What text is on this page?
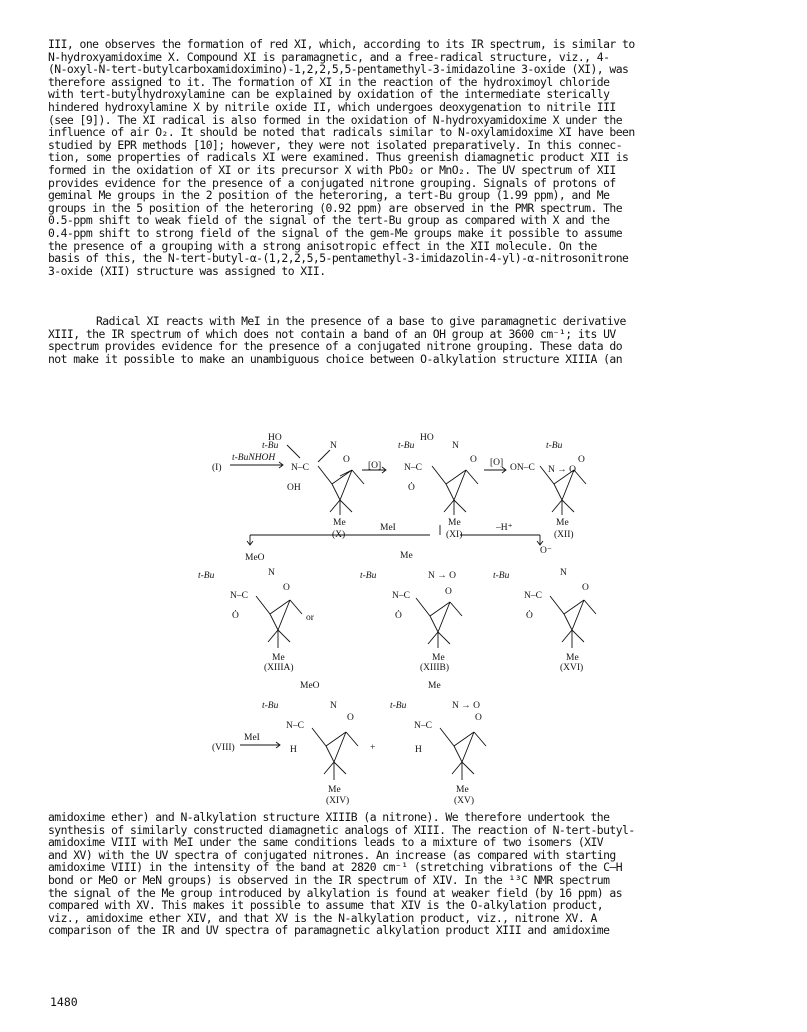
III, one observes the formation of red XI, which, according to its IR spectrum, is similar to
N-hydroxyamidoxime X. Compound XI is paramagnetic, and a free-radical structure, viz., 4-
(N-oxyl-N-tert-butylcarboxamidoximino)-1,2,2,5,5-pentamethyl-3-imidazoline 3-oxide (XI), was
therefore assigned to it. The formation of XI in the reaction of the hydroximoyl chloride
with tert-butylhydroxylamine can be explained by oxidation of the intermediate sterically
hindered hydroxylamine X by nitrile oxide II, which undergoes deoxygenation to nitrile III
(see [9]). The XI radical is also formed in the oxidation of N-hydroxyamidoxime X under the
influence of air O₂. It should be noted that radicals similar to N-oxylamidoxime XI have been
studied by EPR methods [10]; however, they were not isolated preparatively. In this connec-
tion, some properties of radicals XI were examined. Thus greenish diamagnetic product XII is
formed in the oxidation of XI or its precursor X with PbO₂ or MnO₂. The UV spectrum of XII
provides evidence for the presence of a conjugated nitrone grouping. Signals of protons of
geminal Me groups in the 2 position of the heteroring, a tert-Bu group (1.99 ppm), and Me
groups in the 5 position of the heteroring (0.92 ppm) are observed in the PMR spectrum. The
0.5-ppm shift to weak field of the signal of the tert-Bu group as compared with X and the
0.4-ppm shift to strong field of the signal of the gem-Me groups make it possible to assume
the presence of a grouping with a strong anisotropic effect in the XII molecule. On the
basis of this, the N-tert-butyl-α-(1,2,2,5,5-pentamethyl-3-imidazolin-4-yl)-α-nitrosonitrone
3-oxide (XII) structure was assigned to XII.

Radical XI reacts with MeI in the presence of a base to give paramagnetic derivative
XIII, the IR spectrum of which does not contain a band of an OH group at 3600 cm⁻¹; its UV
spectrum provides evidence for the presence of a conjugated nitrone grouping. These data do
not make it possible to make an unambiguous choice between O-alkylation structure XIIIA (an

HO
t-Bu	N
(I)
t-BuNHOH
N–C
OH
O
Me
(X)
[O]
HO
t-Bu	N
N–C
Ȯ
O
Me
(XI)
[O]
t-Bu
N → O
ON–C
O
Me
(XII)
MeI	–H⁺
MeO
t-Bu	N
N–C
Ȯ
O
or
Me
(XIIIA)
Me
t-Bu	N → O
N–C
Ȯ
O
Me
(XIIIB)
O⁻
t-Bu	N
N–C
Ȯ
O
Me
(XVI)
MeO
t-Bu	N
N–C
O
H
(VIII)
MeI
Me
(XIV)
+
Me
t-Bu	N → O
N–C
O
H
Me
(XV)

amidoxime ether) and N-alkylation structure XIIIB (a nitrone). We therefore undertook the
synthesis of similarly constructed diamagnetic analogs of XIII. The reaction of N-tert-butyl-
amidoxime VIII with MeI under the same conditions leads to a mixture of two isomers (XIV
and XV) with the UV spectra of conjugated nitrones. An increase (as compared with starting
amidoxime VIII) in the intensity of the band at 2820 cm⁻¹ (stretching vibrations of the C–H
bond or MeO or MeN groups) is observed in the IR spectrum of XIV. In the ¹³C NMR spectrum
the signal of the Me group introduced by alkylation is found at weaker field (by 16 ppm) as
compared with XV. This makes it possible to assume that XIV is the O-alkylation product,
viz., amidoxime ether XIV, and that XV is the N-alkylation product, viz., nitrone XV. A
comparison of the IR and UV spectra of paramagnetic alkylation product XIII and amidoxime

1480
